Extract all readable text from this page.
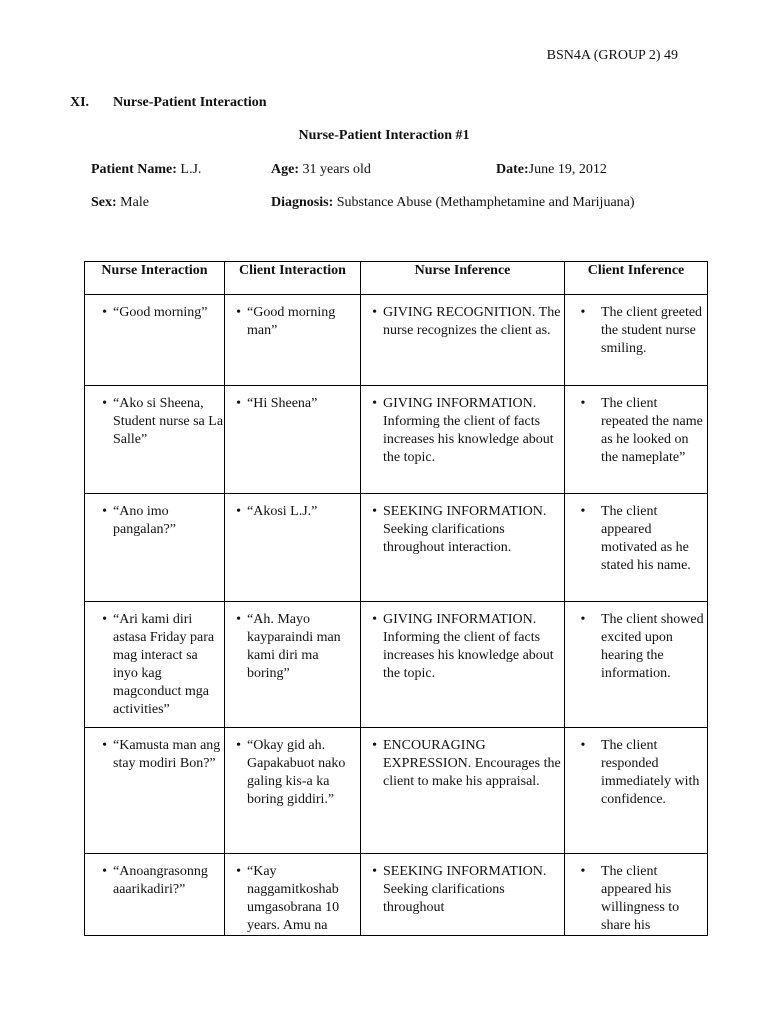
BSN4A (GROUP 2) 49
XI. Nurse-Patient Interaction
Nurse-Patient Interaction #1
Patient Name: L.J.	Age: 31 years old	Date:June 19, 2012
Sex: Male	Diagnosis: Substance Abuse (Methamphetamine and Marijuana)
Nurse Interaction	Client Interaction	Nurse Inference	Client Inference

• “Good morning”	• “Good morning man”	• GIVING RECOGNITION. The nurse recognizes the client as.	• The client greeted the student nurse smiling.

• “Ako si Sheena, Student nurse sa La Salle”	• “Hi Sheena”	• GIVING INFORMATION. Informing the client of facts increases his knowledge about the topic.	• The client repeated the name as he looked on the nameplate”

• “Ano imo pangalan?”	• “Akosi L.J.”	• SEEKING INFORMATION. Seeking clarifications throughout interaction.	• The client appeared motivated as he stated his name.

• “Ari kami diri astasa Friday para mag interact sa inyo kag magconduct mga activities”	• “Ah. Mayo kayparaindi man kami diri ma boring”	• GIVING INFORMATION. Informing the client of facts increases his knowledge about the topic.	• The client showed excited upon hearing the information.

• “Kamusta man ang stay modiri Bon?”	• “Okay gid ah. Gapakabuot nako galing kis-a ka boring giddiri.”	• ENCOURAGING EXPRESSION. Encourages the client to make his appraisal.	• The client responded immediately with confidence.

• “Anoangrasonng aaarikadiri?”	• “Kay naggamitkoshab umgasobrana 10 years. Amu na	• SEEKING INFORMATION. Seeking clarifications throughout	• The client appeared his willingness to share his
